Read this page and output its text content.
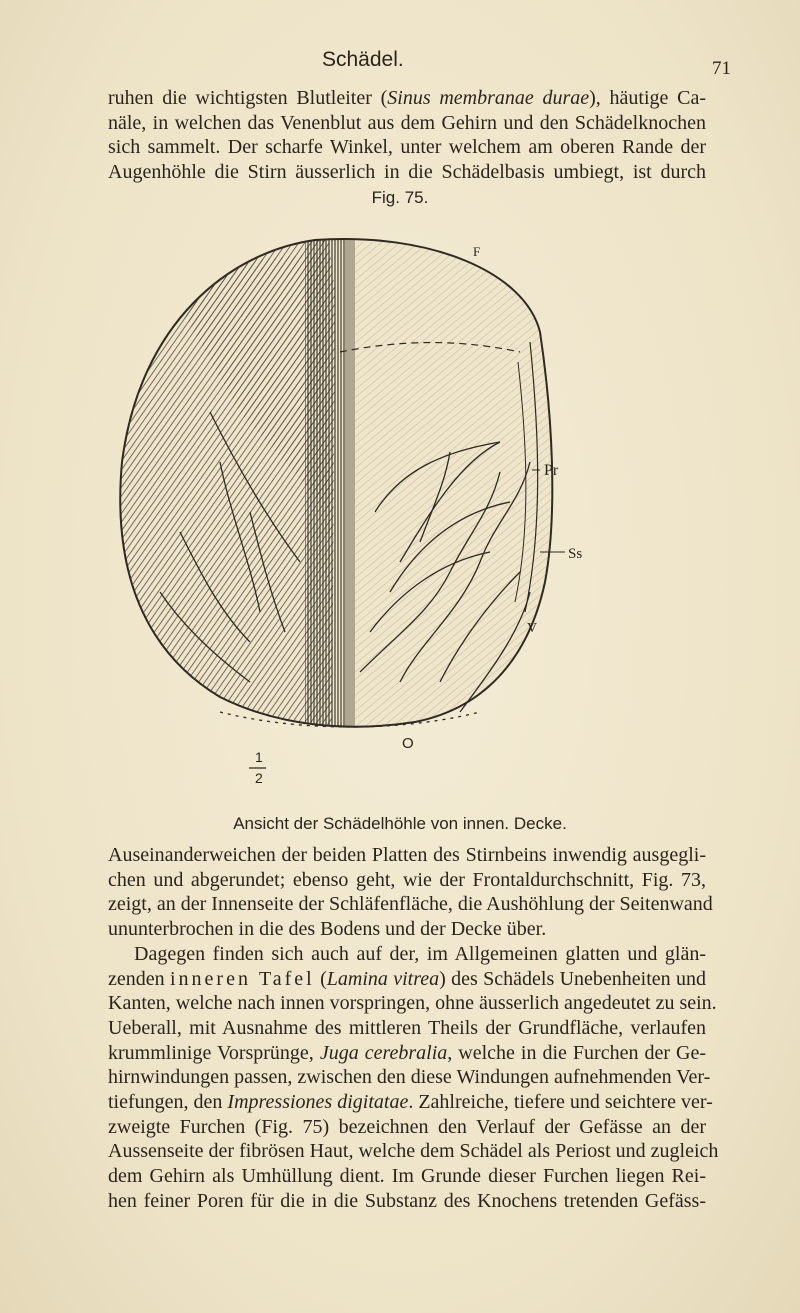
Schädel.	71
ruhen die wichtigsten Blutleiter (Sinus membranae durae), häutige Ca-
näle, in welchen das Venenblut aus dem Gehirn und den Schädelknochen
sich sammelt. Der scharfe Winkel, unter welchem am oberen Rande der
Augenhöhle die Stirn äusserlich in die Schädelbasis umbiegt, ist durch
Fig. 75.
F
Pr
Ss
V
O
1
2
Ansicht der Schädelhöhle von innen. Decke.
Auseinanderweichen der beiden Platten des Stirnbeins inwendig ausgegli-
chen und abgerundet; ebenso geht, wie der Frontaldurchschnitt, Fig. 73,
zeigt, an der Innenseite der Schläfenfläche, die Aushöhlung der Seitenwand
ununterbrochen in die des Bodens und der Decke über.
Dagegen finden sich auch auf der, im Allgemeinen glatten und glän-
zenden inneren Tafel (Lamina vitrea) des Schädels Unebenheiten und
Kanten, welche nach innen vorspringen, ohne äusserlich angedeutet zu sein.
Ueberall, mit Ausnahme des mittleren Theils der Grundfläche, verlaufen
krummlinige Vorsprünge, Juga cerebralia, welche in die Furchen der Ge-
hirnwindungen passen, zwischen den diese Windungen aufnehmenden Ver-
tiefungen, den Impressiones digitatae. Zahlreiche, tiefere und seichtere ver-
zweigte Furchen (Fig. 75) bezeichnen den Verlauf der Gefässe an der
Aussenseite der fibrösen Haut, welche dem Schädel als Periost und zugleich
dem Gehirn als Umhüllung dient. Im Grunde dieser Furchen liegen Rei-
hen feiner Poren für die in die Substanz des Knochens tretenden Gefäss-
